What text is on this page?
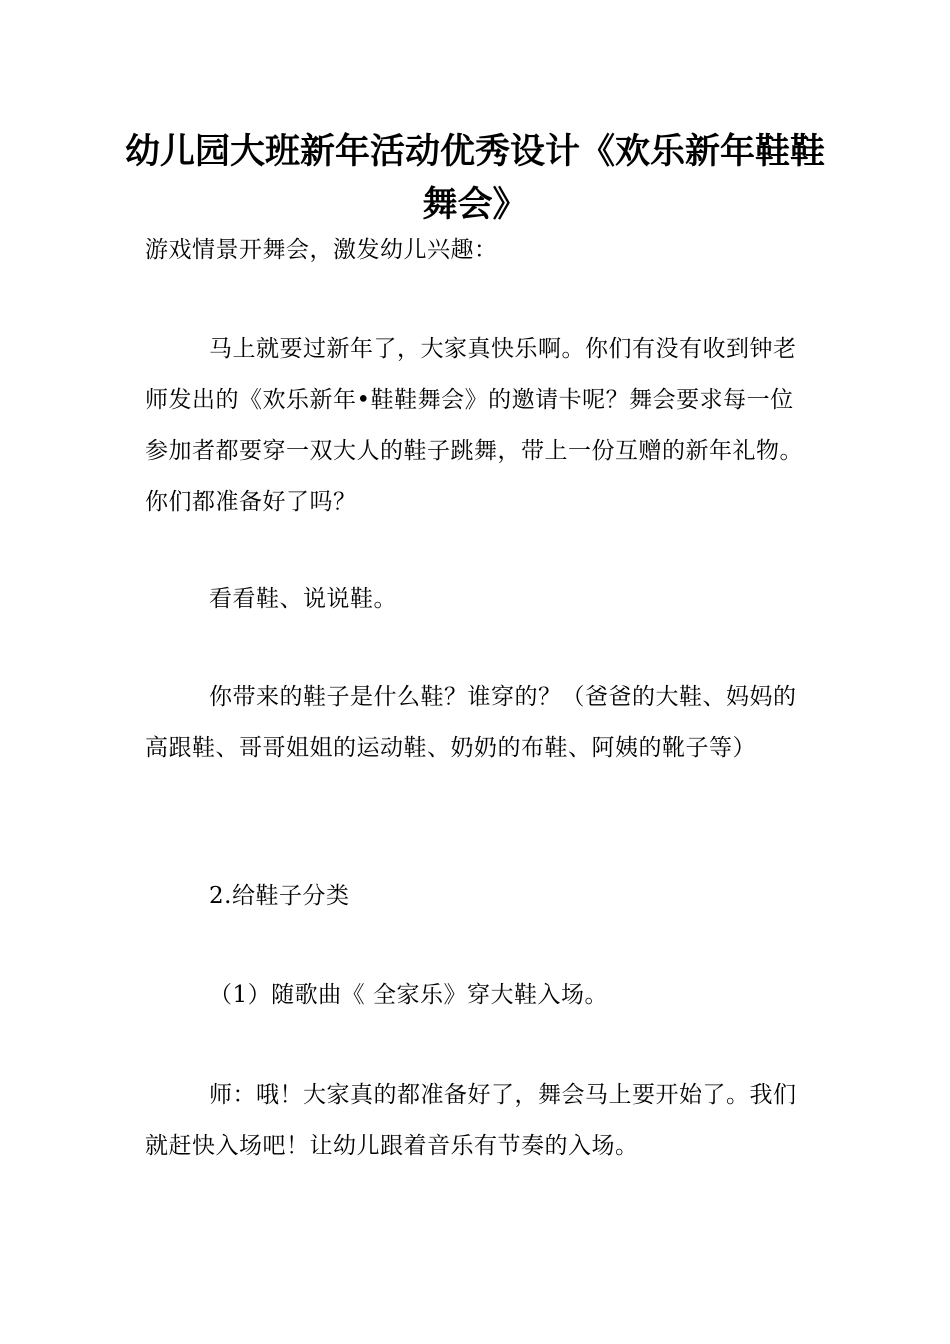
幼儿园大班新年活动优秀设计《欢乐新年鞋鞋舞会》

游戏情景开舞会，激发幼儿兴趣：

马上就要过新年了，大家真快乐啊。你们有没有收到钟老师发出的《欢乐新年•鞋鞋舞会》的邀请卡呢？舞会要求每一位参加者都要穿一双大人的鞋子跳舞，带上一份互赠的新年礼物。你们都准备好了吗？

看看鞋、说说鞋。

你带来的鞋子是什么鞋？谁穿的？（爸爸的大鞋、妈妈的高跟鞋、哥哥姐姐的运动鞋、奶奶的布鞋、阿姨的靴子等）

2.给鞋子分类

（1）随歌曲《 全家乐》穿大鞋入场。

师：哦！大家真的都准备好了，舞会马上要开始了。我们就赶快入场吧！让幼儿跟着音乐有节奏的入场。
